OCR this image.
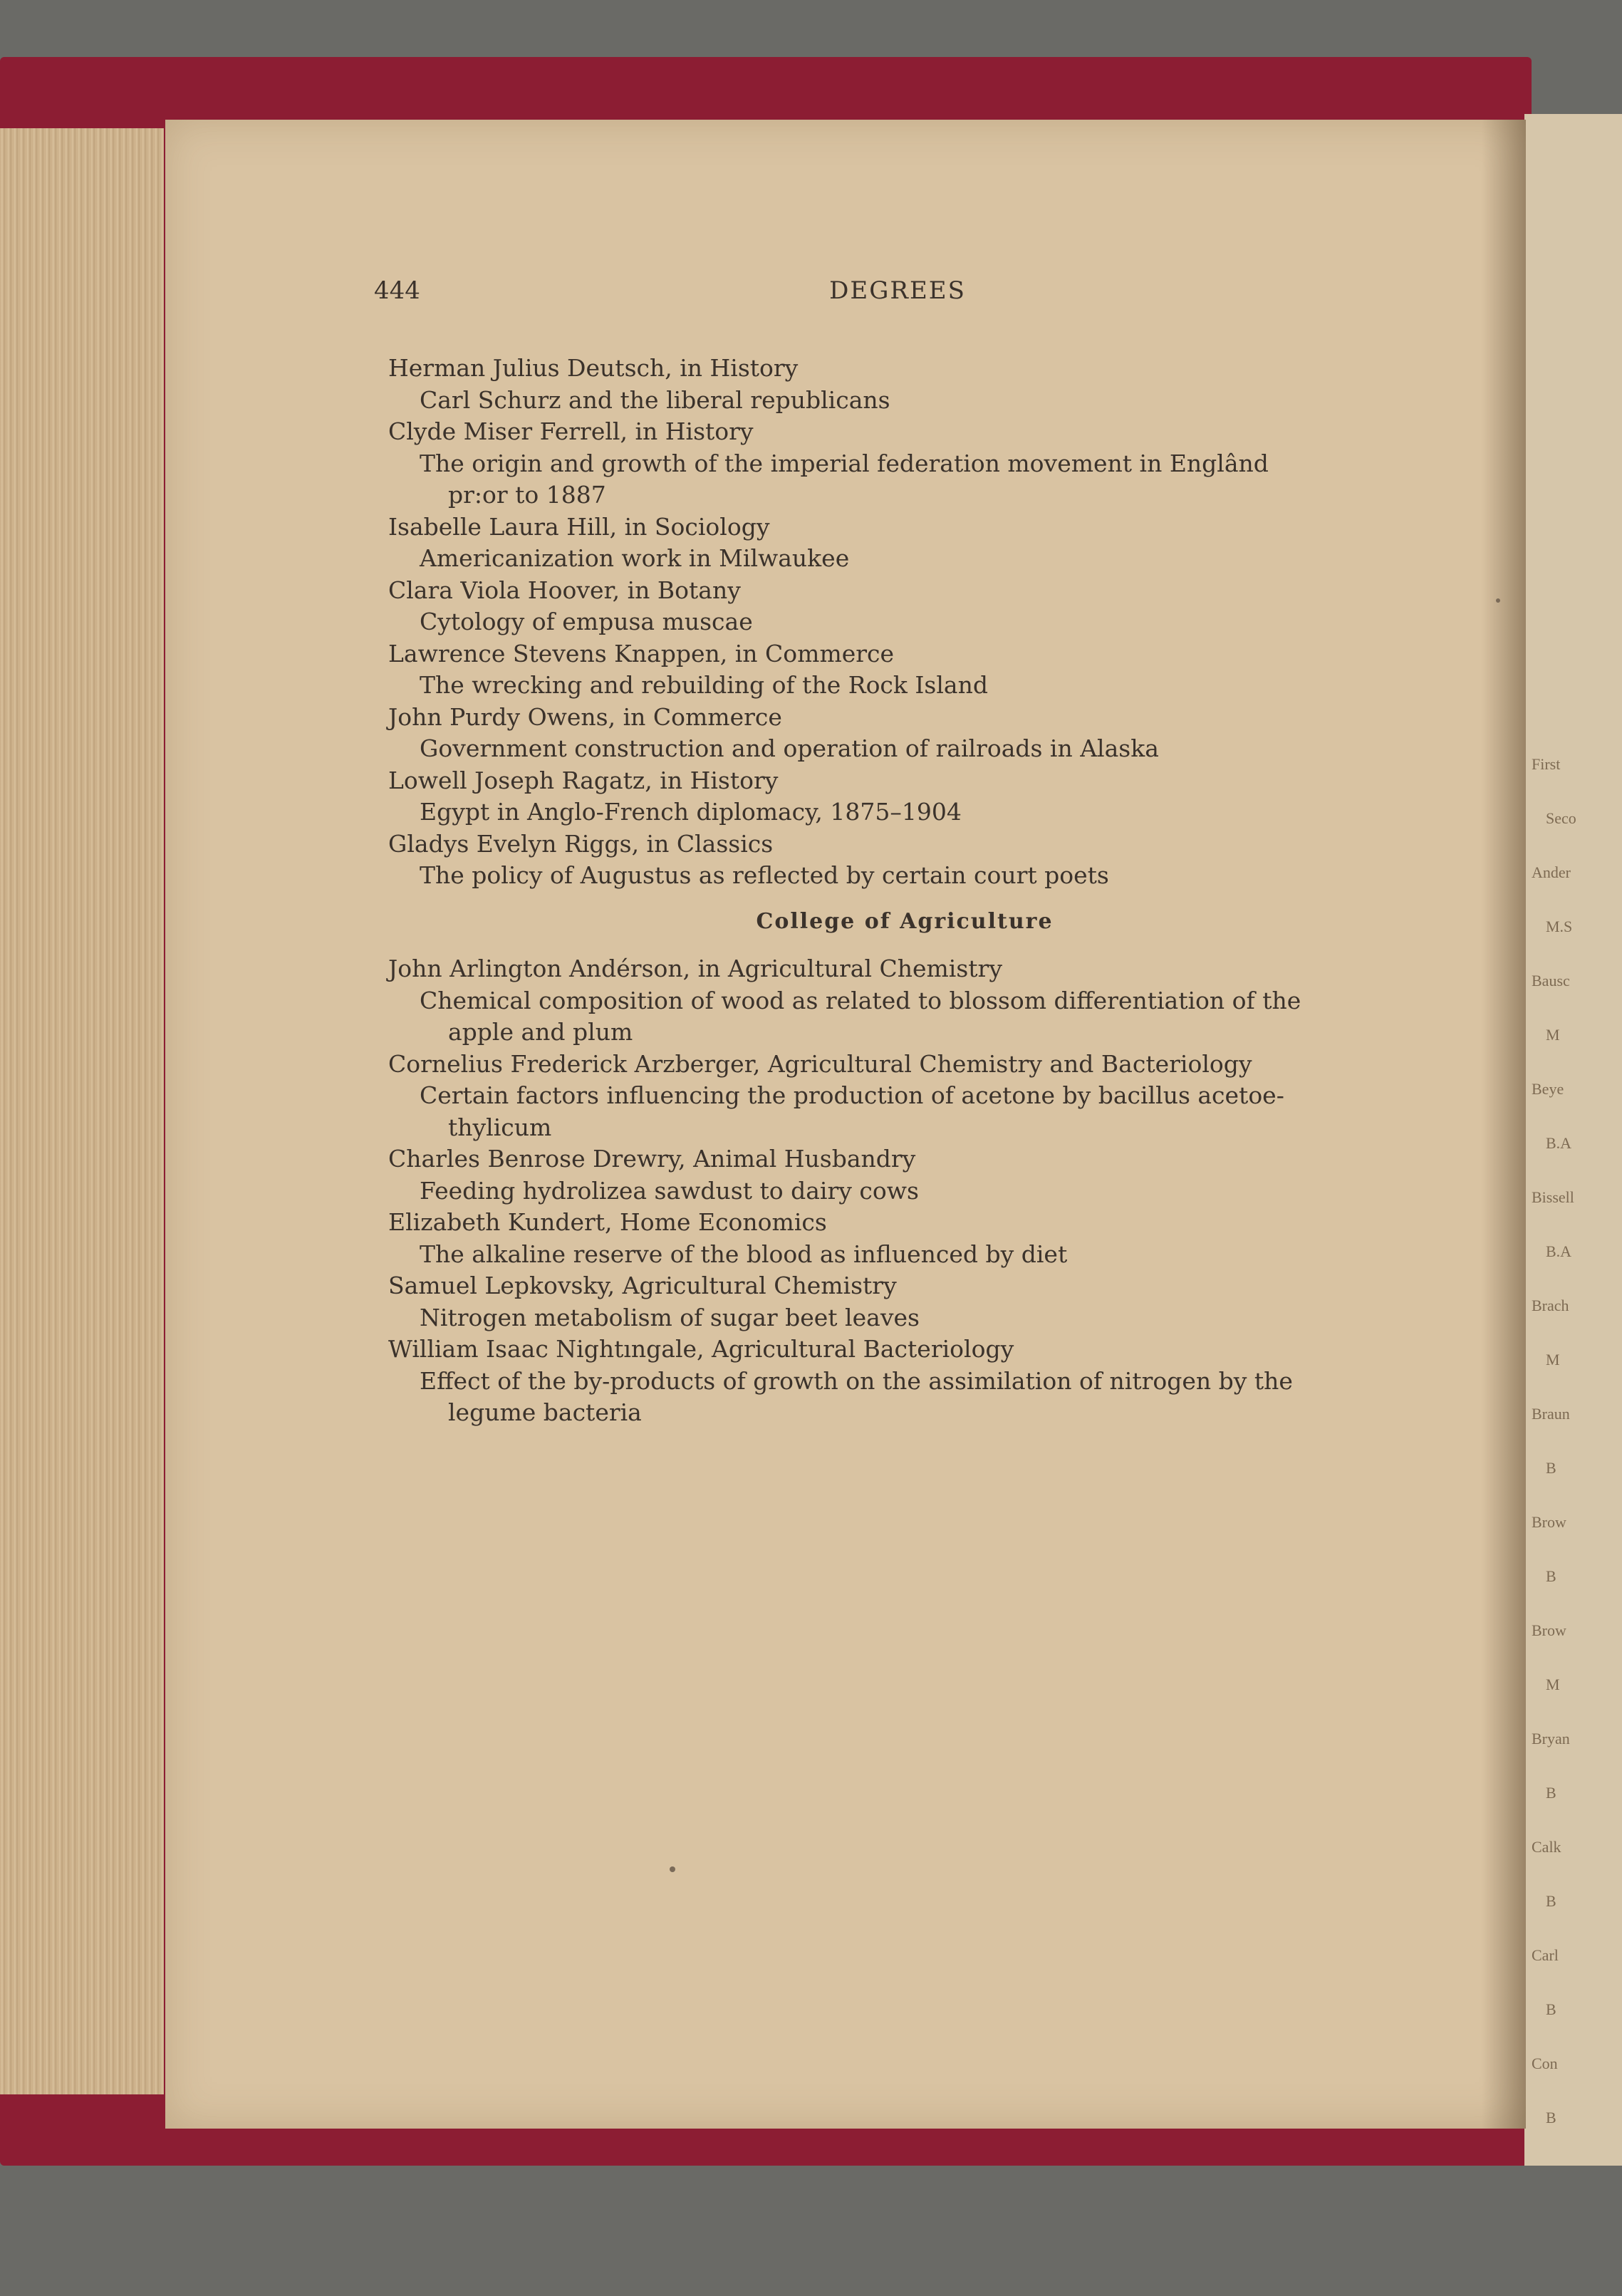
First
Seco
Ander
M.S
Bausc
M
Beye
B.A
Bissell
B.A
Brach
M
Braun
B
Brow
B
Brow
M
Bryan
B
Calk
B
Carl
B
Con
B
444	DEGREES
Herman Julius Deutsch, in History
Carl Schurz and the liberal republicans
Clyde Miser Ferrell, in History
The origin and growth of the imperial federation movement in Englând
pr:or to 1887
Isabelle Laura Hill, in Sociology
Americanization work in Milwaukee
Clara Viola Hoover, in Botany
Cytology of empusa muscae
Lawrence Stevens Knappen, in Commerce
The wrecking and rebuilding of the Rock Island
John Purdy Owens, in Commerce
Government construction and operation of railroads in Alaska
Lowell Joseph Ragatz, in History
Egypt in Anglo-French diplomacy, 1875–1904
Gladys Evelyn Riggs, in Classics
The policy of Augustus as reflected by certain court poets
College of Agriculture
John Arlington Andérson, in Agricultural Chemistry
Chemical composition of wood as related to blossom differentiation of the
apple and plum
Cornelius Frederick Arzberger, Agricultural Chemistry and Bacteriology
Certain factors influencing the production of acetone by bacillus acetoe-
thylicum
Charles Benrose Drewry, Animal Husbandry
Feeding hydrolizea sawdust to dairy cows
Elizabeth Kundert, Home Economics
The alkaline reserve of the blood as influenced by diet
Samuel Lepkovsky, Agricultural Chemistry
Nitrogen metabolism of sugar beet leaves
William Isaac Nightıngale, Agricultural Bacteriology
Effect of the by-products of growth on the assimilation of nitrogen by the
legume bacteria
